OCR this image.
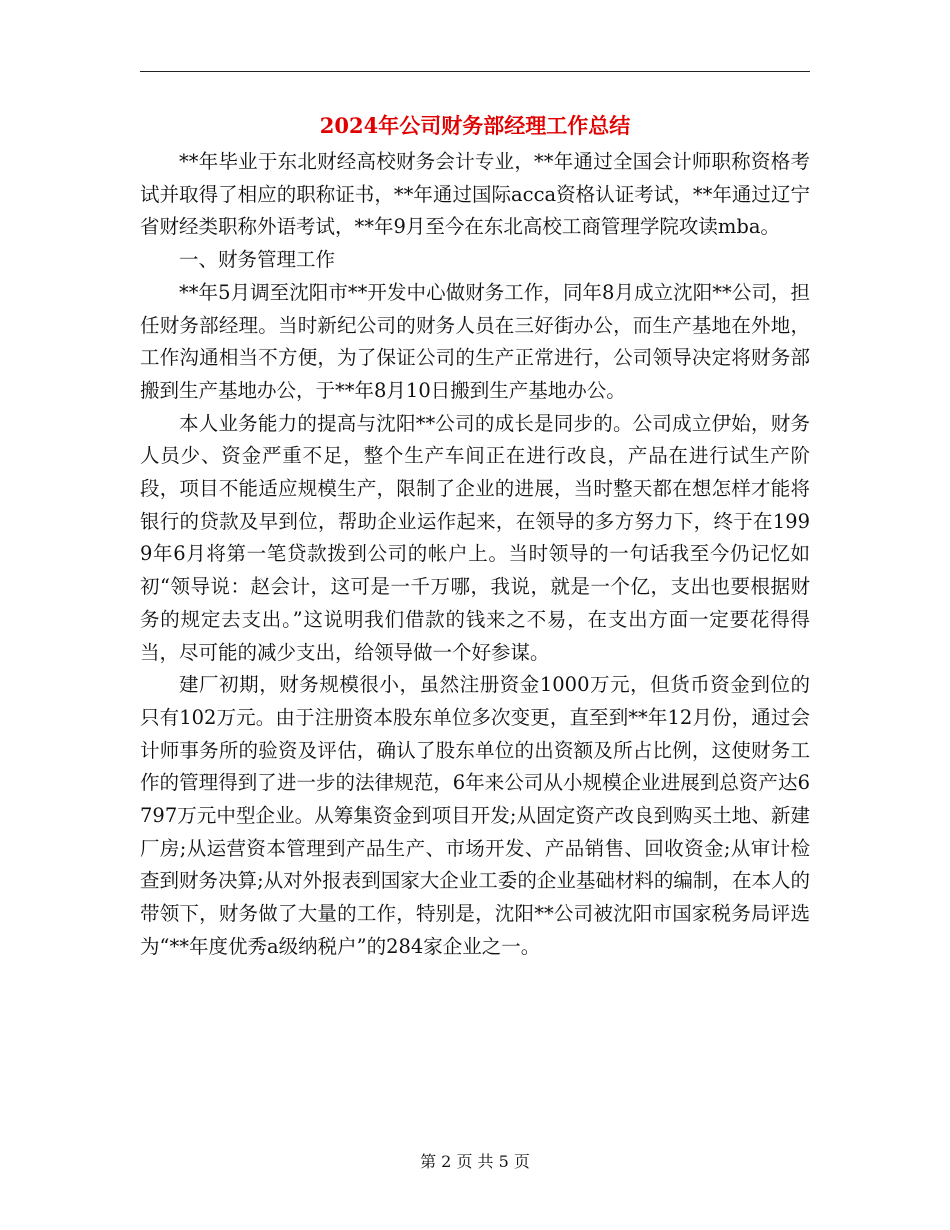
2024年公司财务部经理工作总结

**年毕业于东北财经高校财务会计专业，**年通过全国会计师职称资格考试并取得了相应的职称证书，**年通过国际acca资格认证考试，**年通过辽宁省财经类职称外语考试，**年9月至今在东北高校工商管理学院攻读mba。

一、财务管理工作

**年5月调至沈阳市**开发中心做财务工作，同年8月成立沈阳**公司，担任财务部经理。当时新纪公司的财务人员在三好街办公，而生产基地在外地，工作沟通相当不方便，为了保证公司的生产正常进行，公司领导决定将财务部搬到生产基地办公，于**年8月10日搬到生产基地办公。

本人业务能力的提高与沈阳**公司的成长是同步的。公司成立伊始，财务人员少、资金严重不足，整个生产车间正在进行改良，产品在进行试生产阶段，项目不能适应规模生产，限制了企业的进展，当时整天都在想怎样才能将银行的贷款及早到位，帮助企业运作起来，在领导的多方努力下，终于在1999年6月将第一笔贷款拨到公司的帐户上。当时领导的一句话我至今仍记忆如初“领导说：赵会计，这可是一千万哪，我说，就是一个亿，支出也要根据财务的规定去支出。”这说明我们借款的钱来之不易，在支出方面一定要花得得当，尽可能的减少支出，给领导做一个好参谋。

建厂初期，财务规模很小，虽然注册资金1000万元，但货币资金到位的只有102万元。由于注册资本股东单位多次变更，直至到**年12月份，通过会计师事务所的验资及评估，确认了股东单位的出资额及所占比例，这使财务工作的管理得到了进一步的法律规范，6年来公司从小规模企业进展到总资产达6797万元中型企业。从筹集资金到项目开发;从固定资产改良到购买土地、新建厂房;从运营资本管理到产品生产、市场开发、产品销售、回收资金;从审计检查到财务决算;从对外报表到国家大企业工委的企业基础材料的编制，在本人的带领下，财务做了大量的工作，特别是，沈阳**公司被沈阳市国家税务局评选为“**年度优秀a级纳税户”的284家企业之一。

第 2 页 共 5 页
